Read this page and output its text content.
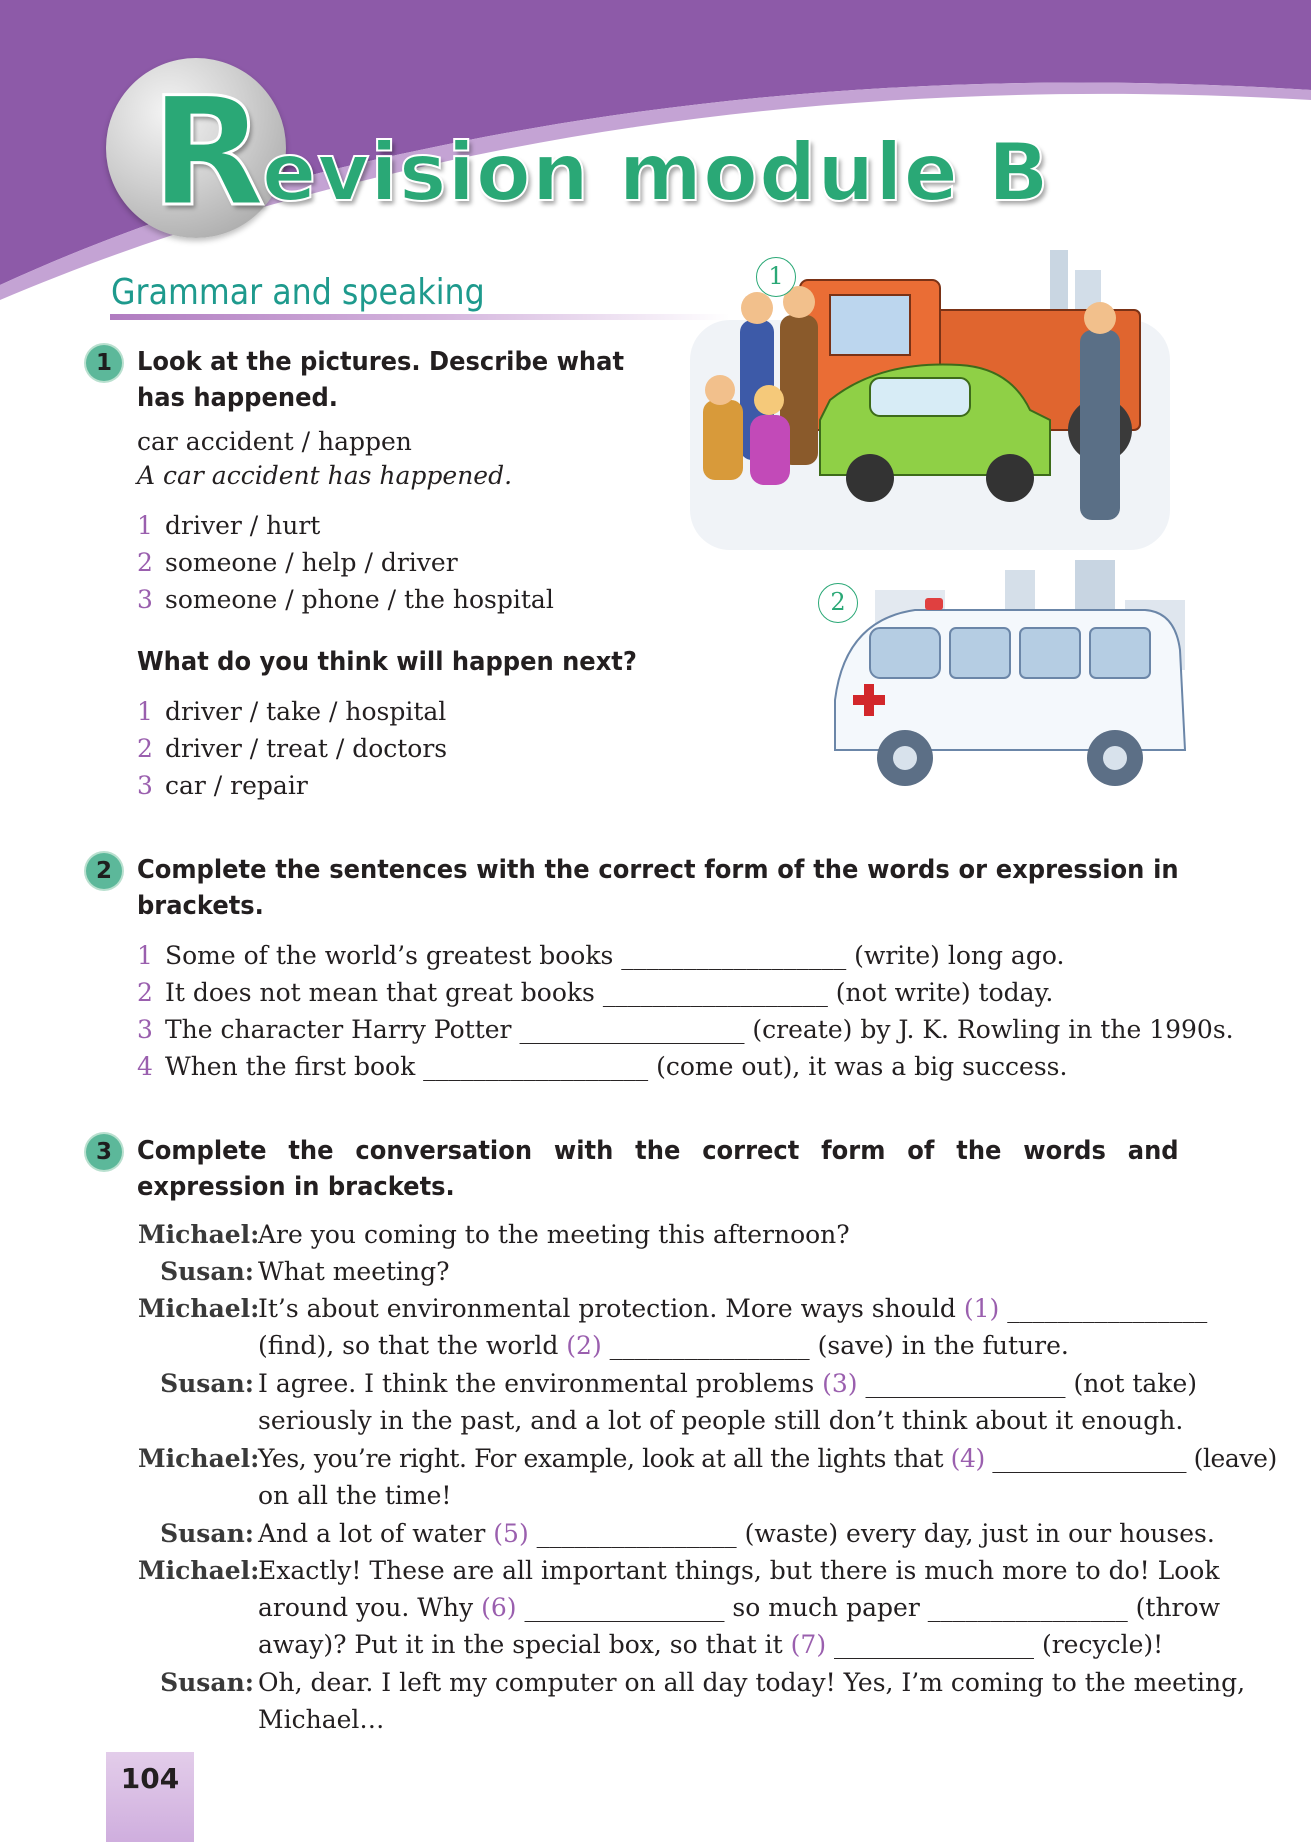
R
evision module B
Grammar and speaking
1 Look at the pictures. Describe what has happened.
car accident / happen
A car accident has happened.
1 driver / hurt
2 someone / help / driver
3 someone / phone / the hospital
What do you think will happen next?
1 driver / take / hospital
2 driver / treat / doctors
3 car / repair
1
2
2 Complete the sentences with the correct form of the words or expression in brackets.
1 Some of the world’s greatest books __________________ (write) long ago.
2 It does not mean that great books __________________ (not write) today.
3 The character Harry Potter __________________ (create) by J. K. Rowling in the 1990s.
4 When the first book __________________ (come out), it was a big success.
3 Complete the conversation with the correct form of the words and expression in brackets.
Michael:
Are you coming to the meeting this afternoon?
Susan: What meeting?
Michael:
It’s about environmental protection. More ways should (1) ________________
(find), so that the world (2) ________________ (save) in the future.
Susan: I agree. I think the environmental problems (3) ________________ (not take)
seriously in the past, and a lot of people still don’t think about it enough.
Michael:
Yes, you’re right. For example, look at all the lights that (4) ________________ (leave)
on all the time!
Susan: And a lot of water (5) ________________ (waste) every day, just in our houses.
Michael:
Exactly! These are all important things, but there is much more to do! Look
around you. Why (6) ________________ so much paper ________________ (throw
away)? Put it in the special box, so that it (7) ________________ (recycle)!
Susan: Oh, dear. I left my computer on all day today! Yes, I’m coming to the meeting,
Michael…
104
